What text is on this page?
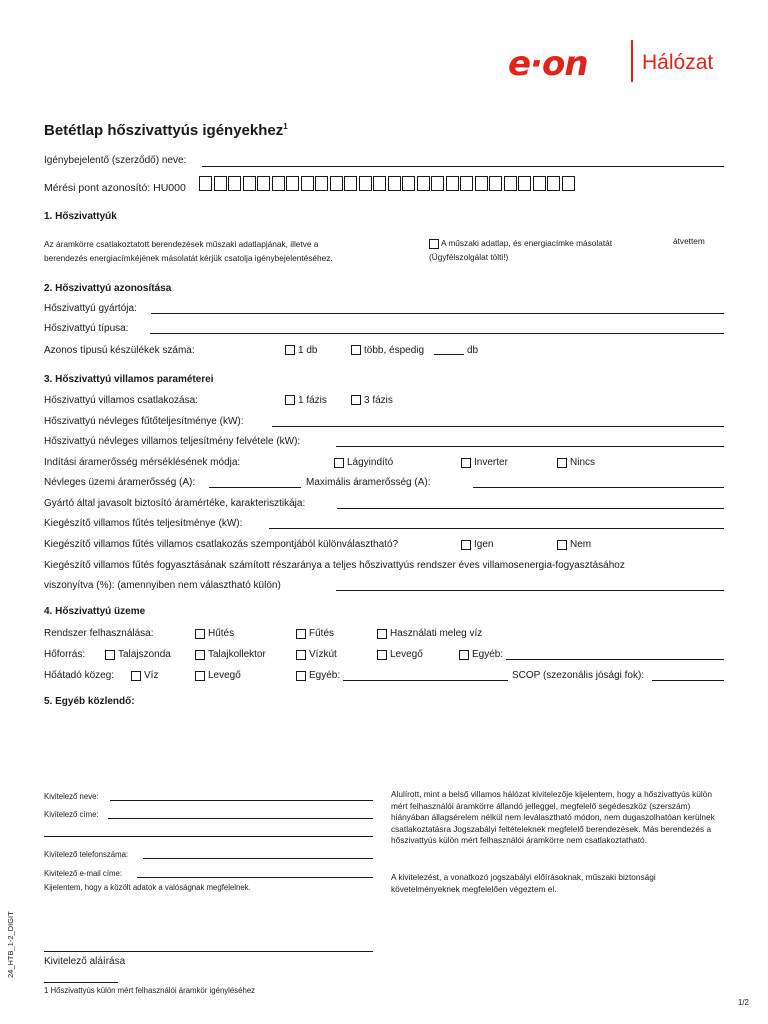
e·on	Hálózat
Betétlap hőszivattyús igényekhez$^1$
Igénybejelentő (szerződő) neve:
Mérési pont azonosító: HU000
1. Hőszivattyúk
Az áramkörre csatlakoztatott berendezések műszaki adatlapjának, illetve a
berendezés energiacímkéjének másolatát kérjük csatolja igénybejelentéséhez.
A műszaki adatlap, és energiacímke másolatát	átvettem
(Ügyfélszolgálat tölti!)
2. Hőszivattyú azonosítása
Hőszivattyú gyártója:
Hőszivattyú típusa:
Azonos típusú készülékek száma:	1 db	több, éspedig	db
3. Hőszivattyú villamos paraméterei
Hőszivattyú villamos csatlakozása:	1 fázis	3 fázis
Hőszivattyú névleges fűtőteljesítménye (kW):
Hőszivattyú névleges villamos teljesítmény felvétele (kW):
Indítási áramerősség mérséklésének módja:	Lágyindító	Inverter	Nincs
Névleges üzemi áramerősség (A):	Maximális áramerősség (A):
Gyártó által javasolt biztosító áramértéke, karakterisztikája:
Kiegészítő villamos fűtés teljesítménye (kW):
Kiegészítő villamos fűtés villamos csatlakozás szempontjából különválasztható?	Igen	Nem
Kiegészítő villamos fűtés fogyasztásának számított részaránya a teljes hőszivattyús rendszer éves villamosenergia-fogyasztásához
viszonyítva (%): (amennyiben nem választható külön)
4. Hőszivattyú üzeme
Rendszer felhasználása:	Hűtés	Fűtés	Használati meleg víz
Hőforrás:	Talajszonda	Talajkollektor	Vízkút	Levegő	Egyéb:
Hőátadó közeg:	Víz	Levegő	Egyéb:	SCOP (szezonális jósági fok):
5. Egyéb közlendő:
Kivitelező neve:
Kivitelező címe:
Kivitelező telefonszáma:
Kivitelező e-mail címe:
Kijelentem, hogy a közölt adatok a valóságnak megfelelnek.
Kivitelező aláírása
Alulírott, mint a belső villamos hálózat kivitelezője kijelentem, hogy a hőszivattyús külön mért felhasználói áramkörre állandó jelleggel, megfelelő segédeszköz (szerszám) hiányában állagsérelem nélkül nem leválasztható módon, nem dugaszolhatóan kerülnek csatlakoztatásra Jogszabályi feltételeknek megfelelő berendezések. Más berendezés a hőszivattyús külön mért felhasználói áramkörre nem csatlakoztatható.
A kivitelezést, a vonatkozó jogszabályi előírásoknak, műszaki biztonsági követelményeknek megfelelően végeztem el.
1 Hőszivattyús külön mért felhasználói áramkör igényléséhez
24_HTB_1-2_DIGIT
1/2
